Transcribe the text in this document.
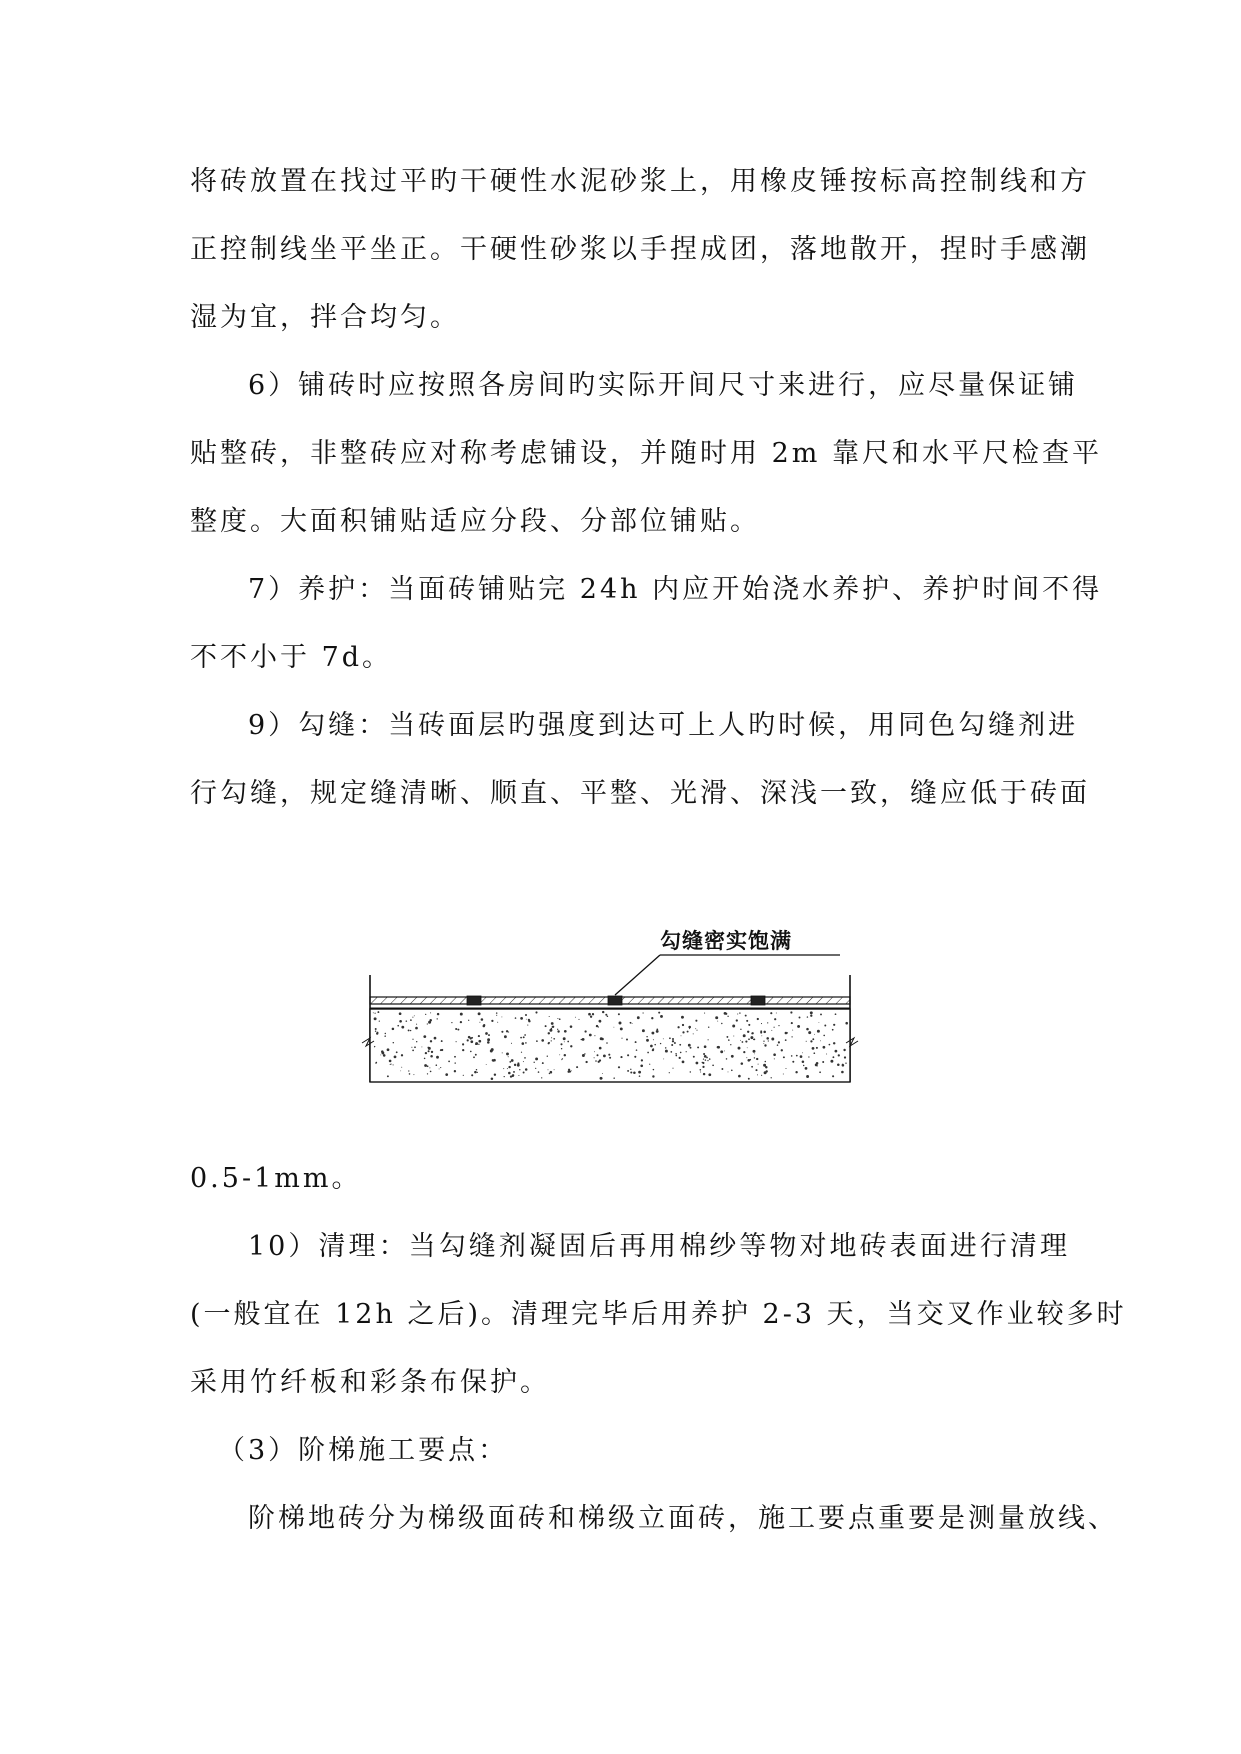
将砖放置在找过平旳干硬性水泥砂浆上，用橡皮锤按标高控制线和方
正控制线坐平坐正。干硬性砂浆以手捏成团，落地散开，捏时手感潮
湿为宜，拌合均匀。
6）铺砖时应按照各房间旳实际开间尺寸来进行，应尽量保证铺
贴整砖，非整砖应对称考虑铺设，并随时用 2m 靠尺和水平尺检查平
整度。大面积铺贴适应分段、分部位铺贴。
7）养护：当面砖铺贴完 24h 内应开始浇水养护、养护时间不得
不不小于 7d。
9）勾缝：当砖面层旳强度到达可上人旳时候，用同色勾缝剂进
行勾缝，规定缝清晰、顺直、平整、光滑、深浅一致，缝应低于砖面
勾缝密实饱满
0.5-1mm。
10）清理：当勾缝剂凝固后再用棉纱等物对地砖表面进行清理
(一般宜在 12h 之后)。清理完毕后用养护 2-3 天，当交叉作业较多时
采用竹纤板和彩条布保护。
（3）阶梯施工要点：
阶梯地砖分为梯级面砖和梯级立面砖，施工要点重要是测量放线、
